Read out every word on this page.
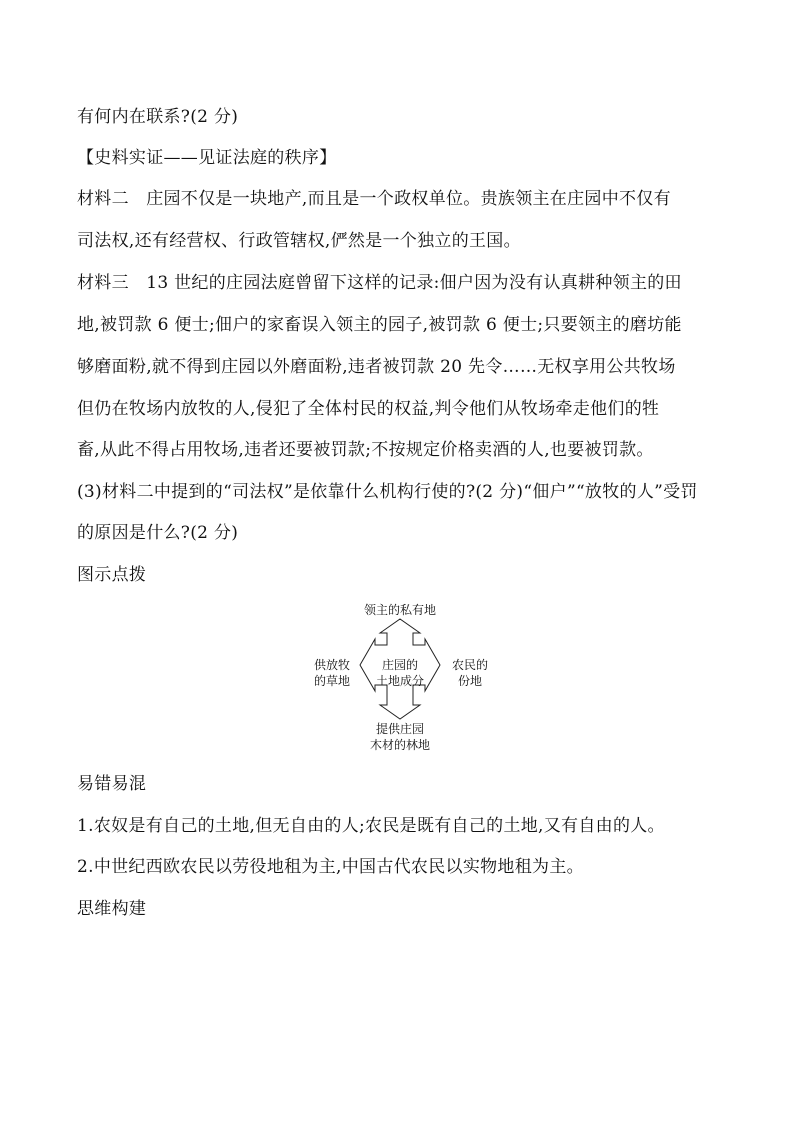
有何内在联系?(2 分)
【史料实证——见证法庭的秩序】
材料二　庄园不仅是一块地产,而且是一个政权单位。贵族领主在庄园中不仅有
司法权,还有经营权、行政管辖权,俨然是一个独立的王国。
材料三　13 世纪的庄园法庭曾留下这样的记录:佃户因为没有认真耕种领主的田
地,被罚款 6 便士;佃户的家畜误入领主的园子,被罚款 6 便士;只要领主的磨坊能
够磨面粉,就不得到庄园以外磨面粉,违者被罚款 20 先令……无权享用公共牧场
但仍在牧场内放牧的人,侵犯了全体村民的权益,判令他们从牧场牵走他们的牲
畜,从此不得占用牧场,违者还要被罚款;不按规定价格卖酒的人,也要被罚款。
(3)材料二中提到的“司法权”是依靠什么机构行使的?(2 分)“佃户”“放牧的人”受罚
的原因是什么?(2 分)
图示点拨
领主的私有地
庄园的
土地成分
供放牧
的草地
农民的
份地
提供庄园
木材的林地
易错易混
1.农奴是有自己的土地,但无自由的人;农民是既有自己的土地,又有自由的人。
2.中世纪西欧农民以劳役地租为主,中国古代农民以实物地租为主。
思维构建
